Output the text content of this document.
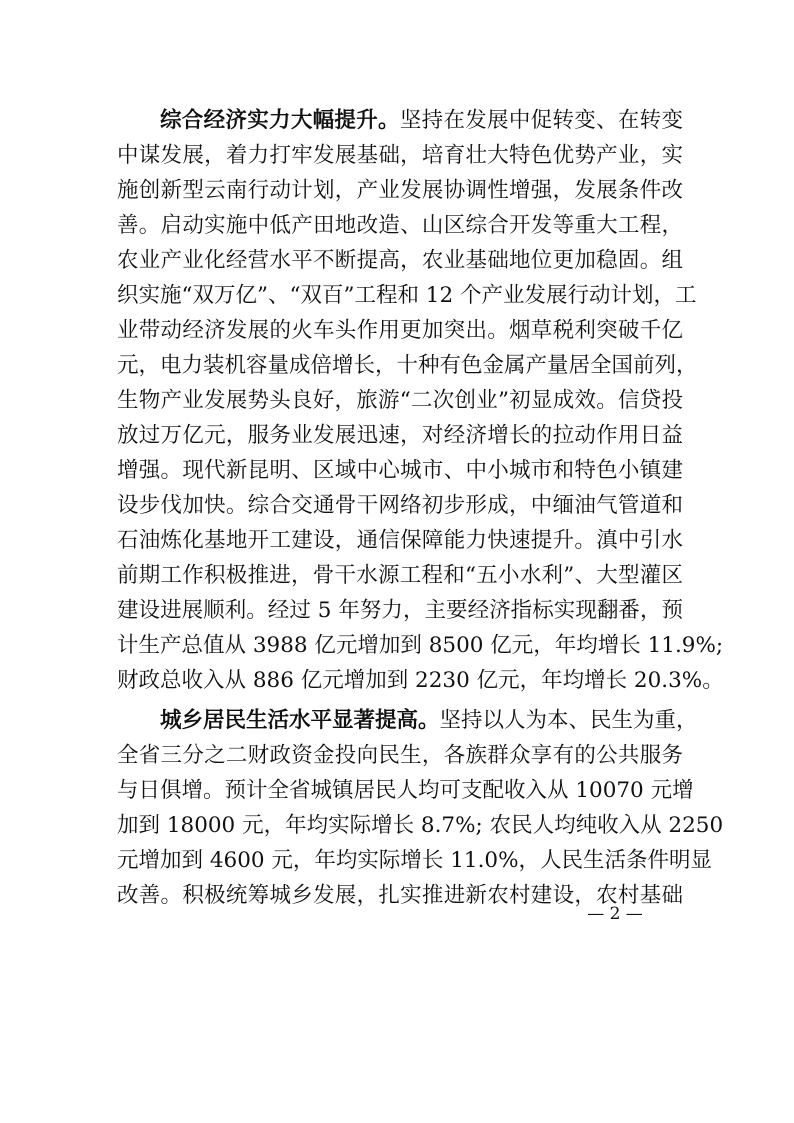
综合经济实力大幅提升。坚持在发展中促转变、在转变
中谋发展，着力打牢发展基础，培育壮大特色优势产业，实
施创新型云南行动计划，产业发展协调性增强，发展条件改
善。启动实施中低产田地改造、山区综合开发等重大工程，
农业产业化经营水平不断提高，农业基础地位更加稳固。组
织实施“双万亿”、“双百”工程和 12 个产业发展行动计划，工
业带动经济发展的火车头作用更加突出。烟草税利突破千亿
元，电力装机容量成倍增长，十种有色金属产量居全国前列，
生物产业发展势头良好，旅游“二次创业”初显成效。信贷投
放过万亿元，服务业发展迅速，对经济增长的拉动作用日益
增强。现代新昆明、区域中心城市、中小城市和特色小镇建
设步伐加快。综合交通骨干网络初步形成，中缅油气管道和
石油炼化基地开工建设，通信保障能力快速提升。滇中引水
前期工作积极推进，骨干水源工程和“五小水利”、大型灌区
建设进展顺利。经过 5 年努力，主要经济指标实现翻番，预
计生产总值从 3988 亿元增加到 8500 亿元，年均增长 11.9%;
财政总收入从 886 亿元增加到 2230 亿元，年均增长 20.3%。
城乡居民生活水平显著提高。坚持以人为本、民生为重，
全省三分之二财政资金投向民生，各族群众享有的公共服务
与日俱增。预计全省城镇居民人均可支配收入从 10070 元增
加到 18000 元，年均实际增长 8.7%; 农民人均纯收入从 2250
元增加到 4600 元，年均实际增长 11.0%，人民生活条件明显
改善。积极统筹城乡发展，扎实推进新农村建设，农村基础
— 2 —
